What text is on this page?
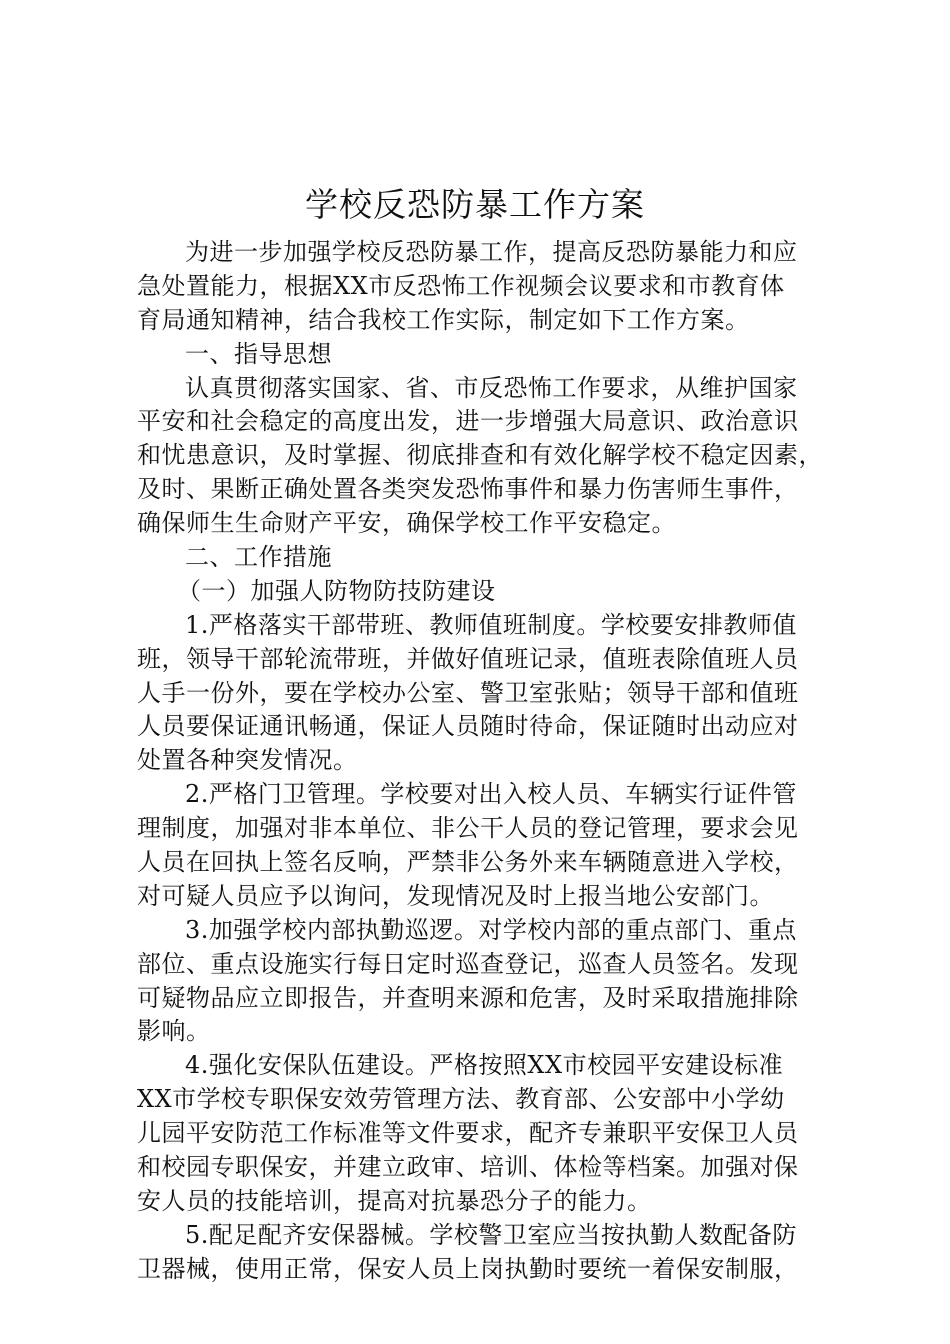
学校反恐防暴工作方案
为进一步加强学校反恐防暴工作，提高反恐防暴能力和应
急处置能力，根据XX市反恐怖工作视频会议要求和市教育体
育局通知精神，结合我校工作实际，制定如下工作方案。
一、指导思想
认真贯彻落实国家、省、市反恐怖工作要求，从维护国家
平安和社会稳定的高度出发，进一步增强大局意识、政治意识
和忧患意识，及时掌握、彻底排查和有效化解学校不稳定因素，
及时、果断正确处置各类突发恐怖事件和暴力伤害师生事件，
确保师生生命财产平安，确保学校工作平安稳定。
二、工作措施
（一）加强人防物防技防建设
1.严格落实干部带班、教师值班制度。学校要安排教师值
班，领导干部轮流带班，并做好值班记录，值班表除值班人员
人手一份外，要在学校办公室、警卫室张贴；领导干部和值班
人员要保证通讯畅通，保证人员随时待命，保证随时出动应对
处置各种突发情况。
2.严格门卫管理。学校要对出入校人员、车辆实行证件管
理制度，加强对非本单位、非公干人员的登记管理，要求会见
人员在回执上签名反响，严禁非公务外来车辆随意进入学校，
对可疑人员应予以询问，发现情况及时上报当地公安部门。
3.加强学校内部执勤巡逻。对学校内部的重点部门、重点
部位、重点设施实行每日定时巡查登记，巡查人员签名。发现
可疑物品应立即报告，并查明来源和危害，及时采取措施排除
影响。
4.强化安保队伍建设。严格按照XX市校园平安建设标准
XX市学校专职保安效劳管理方法、教育部、公安部中小学幼
儿园平安防范工作标准等文件要求，配齐专兼职平安保卫人员
和校园专职保安，并建立政审、培训、体检等档案。加强对保
安人员的技能培训，提高对抗暴恐分子的能力。
5.配足配齐安保器械。学校警卫室应当按执勤人数配备防
卫器械，使用正常，保安人员上岗执勤时要统一着保安制服，
